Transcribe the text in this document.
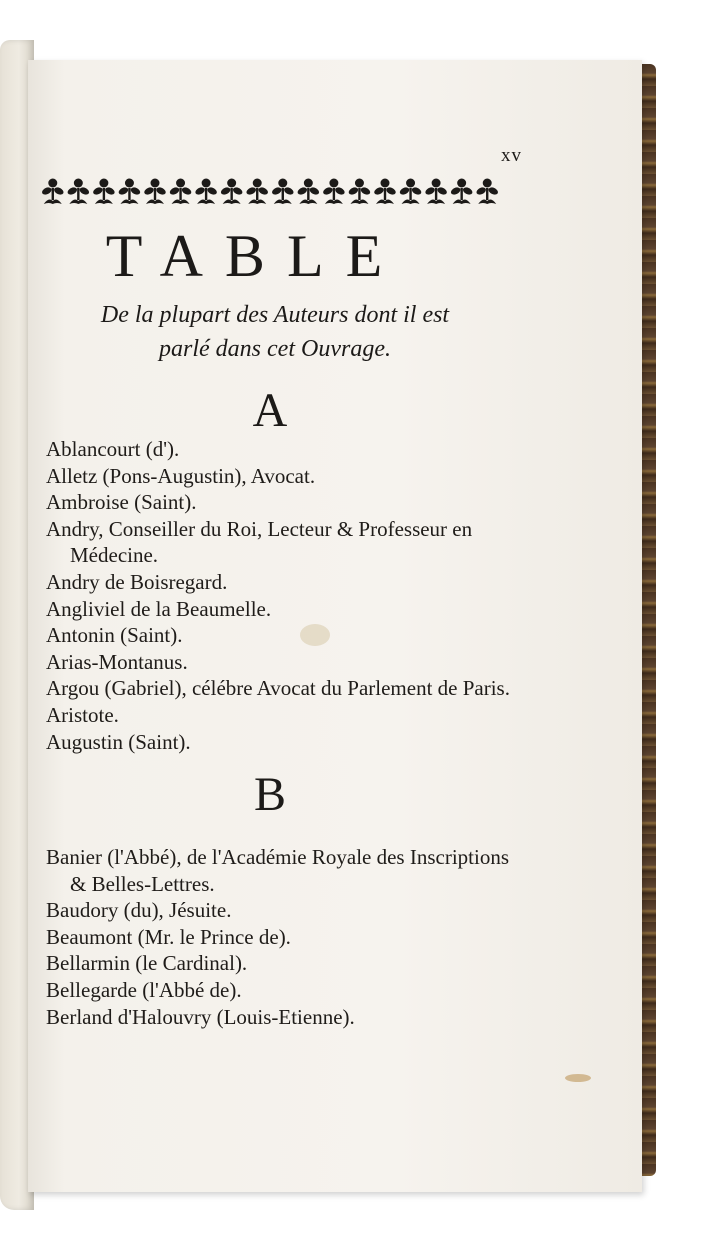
xv
TABLE

De la plupart des Auteurs dont il est
parlé dans cet Ouvrage.

A
Ablancourt (d').
Alletz (Pons-Augustin), Avocat.
Ambroise (Saint).
Andry, Conseiller du Roi, Lecteur & Professeur en Médecine.
Andry de Boisregard.
Angliviel de la Beaumelle.
Antonin (Saint).
Arias-Montanus.
Argou (Gabriel), célébre Avocat du Parlement de Paris.
Aristote.
Augustin (Saint).
B
Banier (l'Abbé), de l'Académie Royale des Inscriptions & Belles-Lettres.
Baudory (du), Jésuite.
Beaumont (Mr. le Prince de).
Bellarmin (le Cardinal).
Bellegarde (l'Abbé de).
Berland d'Halouvry (Louis-Etienne).
